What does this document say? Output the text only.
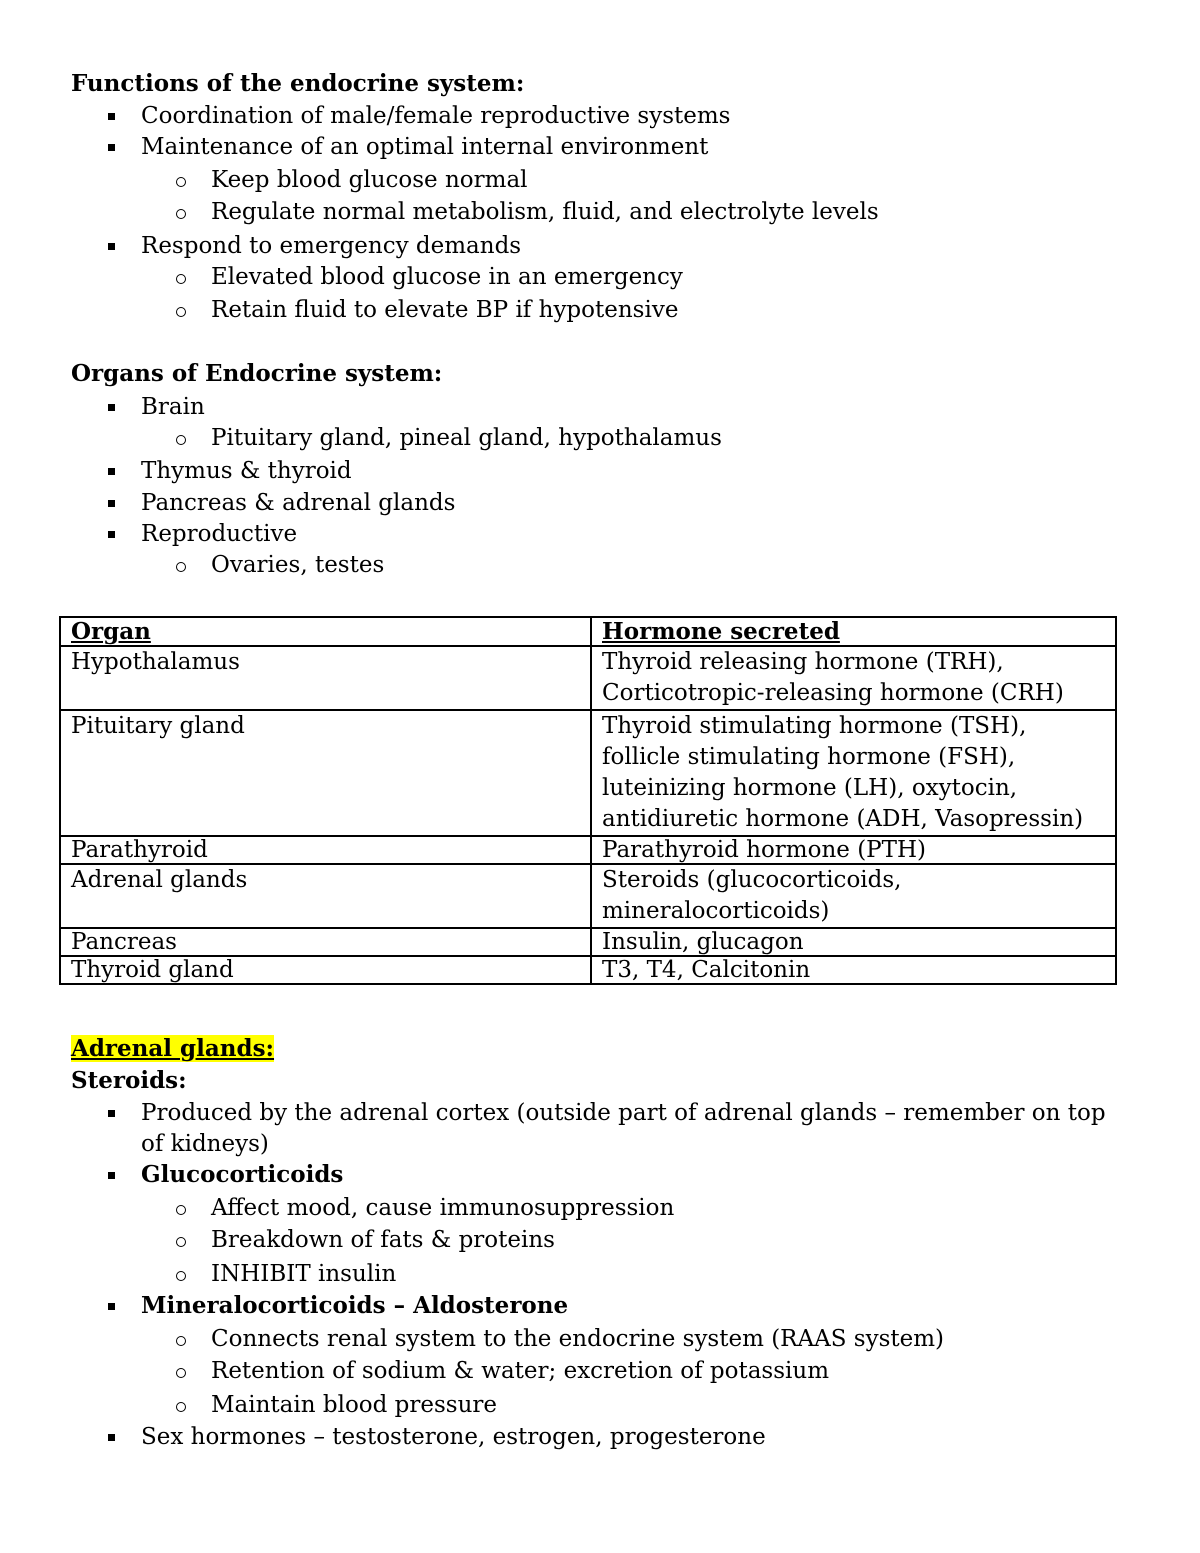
Functions of the endocrine system:
Coordination of male/female reproductive systems
Maintenance of an optimal internal environment
Keep blood glucose normal
Regulate normal metabolism, fluid, and electrolyte levels
Respond to emergency demands
Elevated blood glucose in an emergency
Retain fluid to elevate BP if hypotensive
Organs of Endocrine system:
Brain
Pituitary gland, pineal gland, hypothalamus
Thymus & thyroid
Pancreas & adrenal glands
Reproductive
Ovaries, testes
Organ	Hormone secreted
Hypothalamus	Thyroid releasing hormone (TRH),
Corticotropic-releasing hormone (CRH)

Pituitary gland	Thyroid stimulating hormone (TSH),
follicle stimulating hormone (FSH),
luteinizing hormone (LH), oxytocin,
antidiuretic hormone (ADH, Vasopressin)

Parathyroid	Parathyroid hormone (PTH)

Adrenal glands	Steroids (glucocorticoids,
mineralocorticoids)

Pancreas	Insulin, glucagon

Thyroid gland	T3, T4, Calcitonin
Adrenal glands:
Steroids:
Produced by the adrenal cortex (outside part of adrenal glands – remember on top
of kidneys)
Glucocorticoids
Affect mood, cause immunosuppression
Breakdown of fats & proteins
INHIBIT insulin
Mineralocorticoids – Aldosterone
Connects renal system to the endocrine system (RAAS system)
Retention of sodium & water; excretion of potassium
Maintain blood pressure
Sex hormones – testosterone, estrogen, progesterone
